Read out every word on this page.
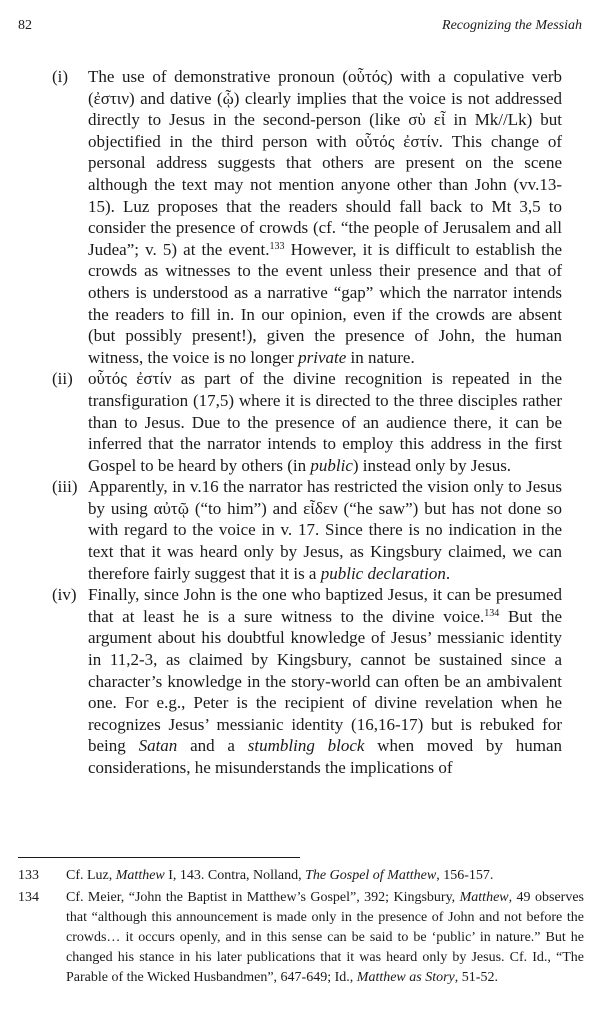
82	Recognizing the Messiah
(i)	The use of demonstrative pronoun (οὗτός) with a copulative verb (ἐστιν) and dative (ᾧ) clearly implies that the voice is not addressed directly to Jesus in the second-person (like σὺ εἶ in Mk//Lk) but objectified in the third person with οὗτός ἐστίν. This change of personal address suggests that others are present on the scene although the text may not mention anyone other than John (vv.13-15). Luz proposes that the readers should fall back to Mt 3,5 to consider the presence of crowds (cf. “the people of Jerusalem and all Judea”; v. 5) at the event.$^{133}$ However, it is difficult to establish the crowds as witnesses to the event unless their presence and that of others is understood as a narrative “gap” which the narrator intends the readers to fill in. In our opinion, even if the crowds are absent (but possibly present!), given the presence of John, the human witness, the voice is no longer private in nature.
(ii) οὗτός ἐστίν as part of the divine recognition is repeated in the transfiguration (17,5) where it is directed to the three disciples rather than to Jesus. Due to the presence of an audience there, it can be inferred that the narrator intends to employ this address in the first Gospel to be heard by others (in public) instead only by Jesus.
(iii) Apparently, in v.16 the narrator has restricted the vision only to Jesus by using αὐτῷ (“to him”) and εἶδεν (“he saw”) but has not done so with regard to the voice in v. 17. Since there is no indication in the text that it was heard only by Jesus, as Kingsbury claimed, we can therefore fairly suggest that it is a public declaration.
(iv) Finally, since John is the one who baptized Jesus, it can be presumed that at least he is a sure witness to the divine voice.$^{134}$ But the argument about his doubtful knowledge of Jesus’ messianic identity in 11,2-3, as claimed by Kingsbury, cannot be sustained since a character’s knowledge in the story-world can often be an ambivalent one. For e.g., Peter is the recipient of divine revelation when he recognizes Jesus’ messianic identity (16,16-17) but is rebuked for being Satan and a stumbling block when moved by human considerations, he misunderstands the implications of
133 Cf. Luz, Matthew I, 143. Contra, Nolland, The Gospel of Matthew, 156-157.
134 Cf. Meier, “John the Baptist in Matthew’s Gospel”, 392; Kingsbury, Matthew, 49 observes that “although this announcement is made only in the presence of John and not before the crowds… it occurs openly, and in this sense can be said to be ‘public’ in nature.” But he changed his stance in his later publications that it was heard only by Jesus. Cf. Id., “The Parable of the Wicked Husbandmen”, 647-649; Id., Matthew as Story, 51-52.
